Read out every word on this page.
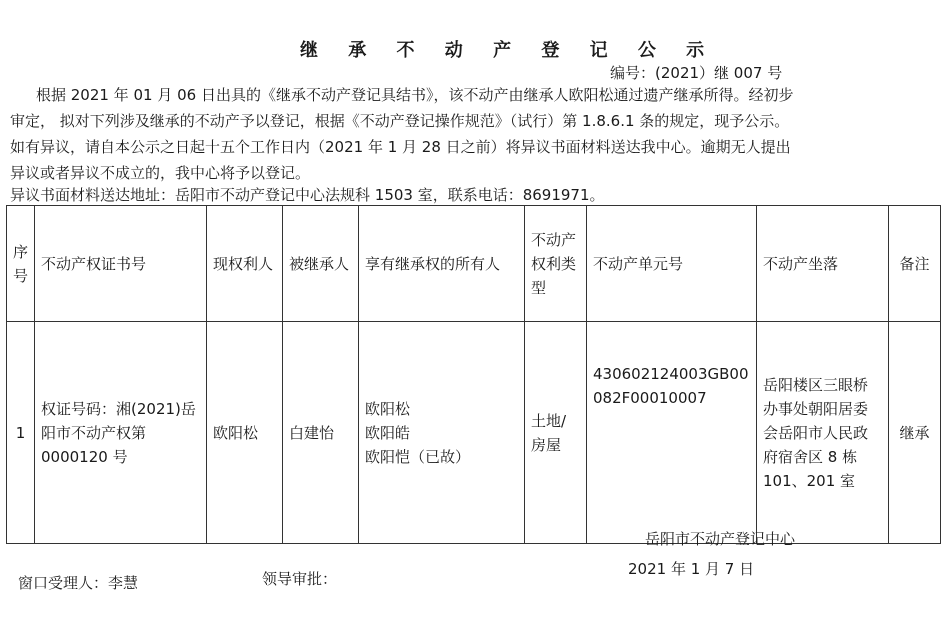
继 承 不 动 产 登 记 公 示
编号：(2021）继 007 号
根据 2021 年 01 月 06 日出具的《继承不动产登记具结书》，该不动产由继承人欧阳松通过遗产继承所得。经初步
审定， 拟对下列涉及继承的不动产予以登记，根据《不动产登记操作规范》（试行）第 1.8.6.1 条的规定，现予公示。
如有异议，请自本公示之日起十五个工作日内（2021 年 1 月 28 日之前）将异议书面材料送达我中心。逾期无人提出
异议或者异议不成立的，我中心将予以登记。
异议书面材料送达地址：岳阳市不动产登记中心法规科 1503 室，联系电话：8691971。
序号	不动产权证书号	现权利人	被继承人	享有继承权的所有人	不动产权利类型	不动产单元号	不动产坐落	备注
1	权证号码：湘(2021)岳阳市不动产权第0000120 号	欧阳松	白建怡	欧阳松
欧阳皓
欧阳恺（已故）	土地/房屋	430602124003GB00082F00010007	岳阳楼区三眼桥办事处朝阳居委会岳阳市人民政府宿舍区 8 栋 101、201 室	继承
岳阳市不动产登记中心
2021 年 1 月 7 日
窗口受理人：李慧	领导审批：
